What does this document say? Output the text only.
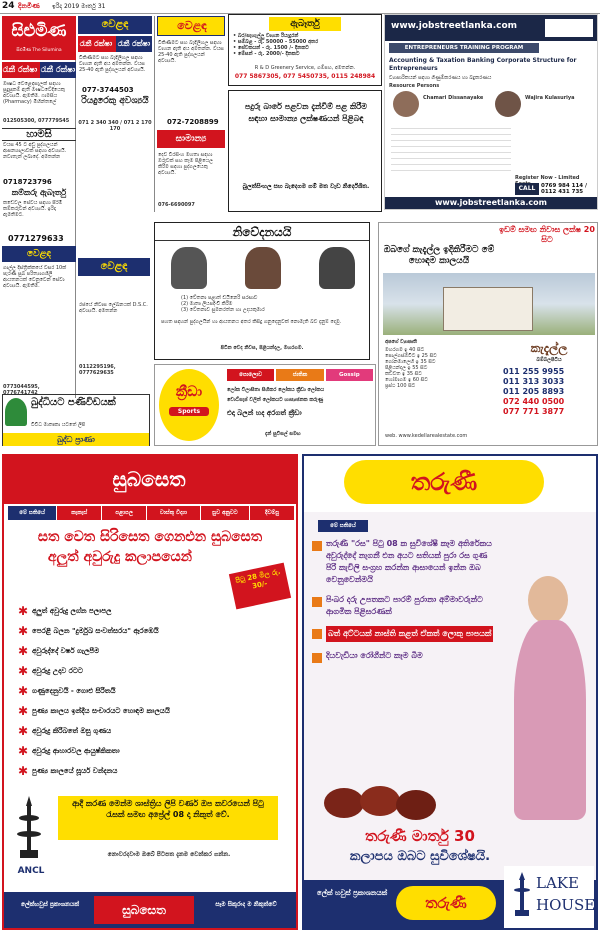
24 දිනමිණ ඉරිදා 2019 මාර්තු 31
සිළුමිණ
සිළුමිණ The Silumina
රැකී රක්ෂා රැකී රක්ෂා
ඖෂධ වෙළෙඳසැලක් සඳහා සුදුසුකම් ඇති ඖෂධවේදියෙකු අවශ්‍යයි. ඇමතීම. ෆාමසිය (Pharmacy) මිහින්තලේ
012505300, 077779545
හාමසි
වයස 45 ට අඩු පුද්ගලයන් ආපනශාලාවක් සඳහා අවශ්‍යයි. නවාතැන් ලබාදේ. අමතන්න
0718723796
කම්කරු ඇබෑර්තු
කඩේවල සේවය සඳහා පිරිමි කම්කරුවන් අවශ්‍යයි. ඉරිදා ඇමතීමට.
0771279633
වෙළඳ
ගාල්ල දිස්ත්‍රික්කයේ වසර 10ක් පැරණි සුබ පරිත්‍යාගශීලී ආයතනයක් වෙනුවෙන් සේවා අවශ්‍යයි. ඇමතීම.
077304459​5, 0776741742
බුද්ධියට පණිවිඩයක්
විවිධ මාතෘකා යටතේ ලිපි
බුද්ධ ප්‍රාණා
වෙළඳ
රැකී රක්ෂා රැකී රක්ෂා
විකිණීමට සහ බැඳිලිහල සඳහා වාහන ඇති අය අමතන්න. වයස 25-40 ඇති පුද්ගලයන් අවශ්‍යයි.
077-3744503
රියදුරෙකු අවශ්‍යයි
071 2 340 340 / 071 2 170 170
වෙළඳ
විකිණීමට සහ බැඳිලිහල සඳහා වාහන ඇති අය අමතන්න. වයස 25-40 ඇති පුද්ගලයන් අවශ්‍යයි.
072-7208899
සාමාන්‍ය
දෙව් වීරසිංහ මහතා සඳහා ඔරුවක් සහ කෑම පිළියෙල කිරීම සඳහා පුද්ගලයෙකු අවශ්‍යයි.
076-6690097
වෙළඳ
රජයේ නිවාස ලේඛනයක් D.S.C. අවශ්‍යයි. අමතන්න
0112295196, 0777629635
ඇබෑර්තු
• බර/සැහැල්ලු වාහන රියැදුරන්
• සම්බළ - රු. 50000 - 55000 අතර
• සේවකයන් - රු. 1500 /- දිනකට
• මේසන් - රු. 2000/- දිනකට
R & D Greenery Service, ගම්පහ, අමතන්න.
077 5867305, 077 5450735, 0115 248984
පදුරු බාරේ පළවන දැන්වීම් පළ කිරීම සඳහා සාමාන්‍ය ලක්ෂණයන් පිළිබඳ
බුලත්සිංහල සහ බැදෙගම ගම් මත වැඩ නිර්දේශිත.
www.jobstreetlanka.com
ENTREPRENEURS TRAINING PROGRAM
Accounting & Taxation Banking Corporate Structure for Entrepreneurs
ව්‍යාපාරිකයන් සඳහා ගිණුම්කරණය හා බදුකරණය
Resource Persons
Chamari Dissanayake	Wajira Kulasuriya
Register Now - Limited
CALL	0769 984 114 / 0112 431 735
www.jobstreetlanka.com
නිවේදනයයි
(1) චේතනා පළාත් ඩයිනෙරි සරසාව
(2) මාතෘ ලියපදිංචි කිරීම
(3) වේතනාව සුමනරත්න හා උදයකුමාර
පහත සඳහන් පුද්ගලයින් හා ආයතනය අතර කිසිදු ගනුදෙනුවක් නොමැති බව දැනුම් දෙමු.
පිටින වෙද නිවස, පිළියන්දල, මහරගම.
ක්‍රීඩා
Sports
පොලොව	ජාතික	Gossip
ලෝක විලාසිතා සිහිකර ලෝකය ක්‍රීඩා ලෝකය
වොට්සැප් වලින් ලෝකයට හාස්‍යජනක කරුණු
එදා බලන් හද අරගත් ක්‍රීඩා
දැන් සුවිසල් සමඟ
ඉඩම් සමඟ නිවාස ලක්ෂ 20 සිට
ඔබගේ කැදැල්ල ඉදිකිරීමට මේ හොඳම කාලයයි
අපගේ ව්‍යාපෘති
මහරගම ඉ 40 සිට
පොල්ගස්ඕවිට ඉ 25 සිට
ගෝනමාලෙහි ඉ 35 සිට
පිළියන්දල ඉ 55 සිට
කඩවත ඉ 35 සිට
හෝමාගම ඉ 60 සිට
ප්‍රස්ථ 100 සිට
කැදැල්ල
බම්බලපිටිය
011 255 9955
011 313 3033
011 205 8893
072 440 0500
077 771 3877
web. www.kedellarealestate.com
සුබසෙත
මේ සතියේ	කැකැස්	පළාපල	වාස්තු විද්‍යා	සුව අනුවට	දිවම්පු
සත වෙත සිරිසෙත ගෙනඑන සුබසෙත
අලුත් අවුරුදු කලාපයෙන්
පිටු 28 මිල රු. 30/-
✱ අලුත් අවුරුදු ලග්න පලාපල
✱ පෙරළි බලන "දුර්මුඛ සංවත්සරය" ඇරඹෙයි
✱ අවුරුද්දේ වර්ෂ ගැලපීම
✱ අවුරුදු උදාව රටට
✱ ගණුදෙනුවයි - ගොළු සිරිතයි
✱ පුණ්‍ය කාලය ඉන්දීය සංචාරයට හොඳම කාලයයි
✱ අවුරුදු කිරිබතේ ඔසු ගුණය
✱ අවුරුදු ආහාරවල ආයුෂ්කිකතා
✱ පුණ්‍ය කාලයේ සූර්ය වන්දනය
ANCL
ආදී කරණ මෙන්ම ශාස්ත්‍රිය ලිපි වර්ණ ඔප කවරයෙන් පිටු රැසක් සමඟ අප්‍රේල් 08 දා නිකුත් වේ.
නොවරදවාම ඔබේ පිටපත දැනම වෙන්කර ගන්න.
ලේක්හවුස් ප්‍රකාශනයක්	සුබසෙත	සෑම සිකුරාද ම නිකුත්වේ
තරුණී
මේ සතියේ
තරුණී "රස" පිටු 08 ක සුවිශේෂී කෑම අතිරේකය අවුරුද්දේ නැගනී එන අයට සතියක් පුරා රස ගුණ පිරි කැවිලි සංග්‍රහ කරන්න ආසායෙන් ඉන්න ඔබ වෙනුවෙන්මයි
පිංබර දරු උපතකට පාරම් පුරානා අම්මාවරුන්ට ආගමික පිළිසරණක්
බත් අට්ටයක් නාස්ති කළත් ඒකත් ලොකු පාපයක්
දියවැඩියා රෝගීන්ට කෑම බීම
තරුණී මාර්තු 30
කලාපය ඔබට සුවිශේෂයි.
ලේක් හවුස් ප්‍රකාශනයක්
තරුණී
LAKE
HOUSE
